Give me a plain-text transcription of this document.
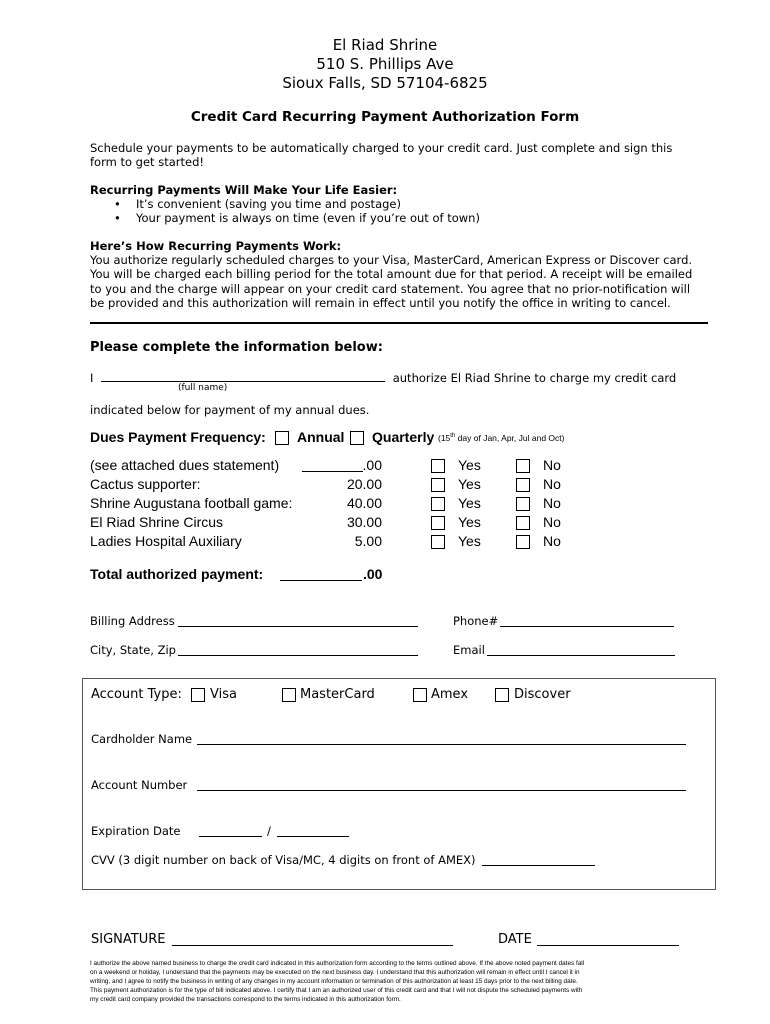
El Riad Shrine
510 S. Phillips Ave
Sioux Falls, SD 57104-6825
Credit Card Recurring Payment Authorization Form
Schedule your payments to be automatically charged to your credit card. Just complete and sign this
form to get started!
Recurring Payments Will Make Your Life Easier:
• It’s convenient (saving you time and postage)
• Your payment is always on time (even if you’re out of town)
Here’s How Recurring Payments Work:
You authorize regularly scheduled charges to your Visa, MasterCard, American Express or Discover card.
You will be charged each billing period for the total amount due for that period. A receipt will be emailed
to you and the charge will appear on your credit card statement. You agree that no prior-notification will
be provided and this authorization will remain in effect until you notify the office in writing to cancel.
Please complete the information below:
I	authorize El Riad Shrine to charge my credit card
(full name)
indicated below for payment of my annual dues.
Dues Payment Frequency: Annual Quarterly (15th day of Jan, Apr, Jul and Oct)
(see attached dues statement)	.00	Yes	No
Cactus supporter:	20.00	Yes	No
Shrine Augustana football game:	40.00	Yes	No
El Riad Shrine Circus	30.00	Yes	No
Ladies Hospital Auxiliary	5.00	Yes	No
Total authorized payment:	.00
Billing Address	Phone#
City, State, Zip	Email
Account Type: Visa	MasterCard	Amex	Discover
Cardholder Name
Account Number
Expiration Date	/
CVV (3 digit number on back of Visa/MC, 4 digits on front of AMEX)
SIGNATURE	DATE
I authorize the above named business to charge the credit card indicated in this authorization form according to the terms outlined above. If the above noted payment dates fall
on a weekend or holiday, I understand that the payments may be executed on the next business day. I understand that this authorization will remain in effect until I cancel it in
writing, and I agree to notify the business in writing of any changes in my account information or termination of this authorization at least 15 days prior to the next billing date.
This payment authorization is for the type of bill indicated above. I certify that I am an authorized user of this credit card and that I will not dispute the scheduled payments with
my credit card company provided the transactions correspond to the terms indicated in this authorization form.
